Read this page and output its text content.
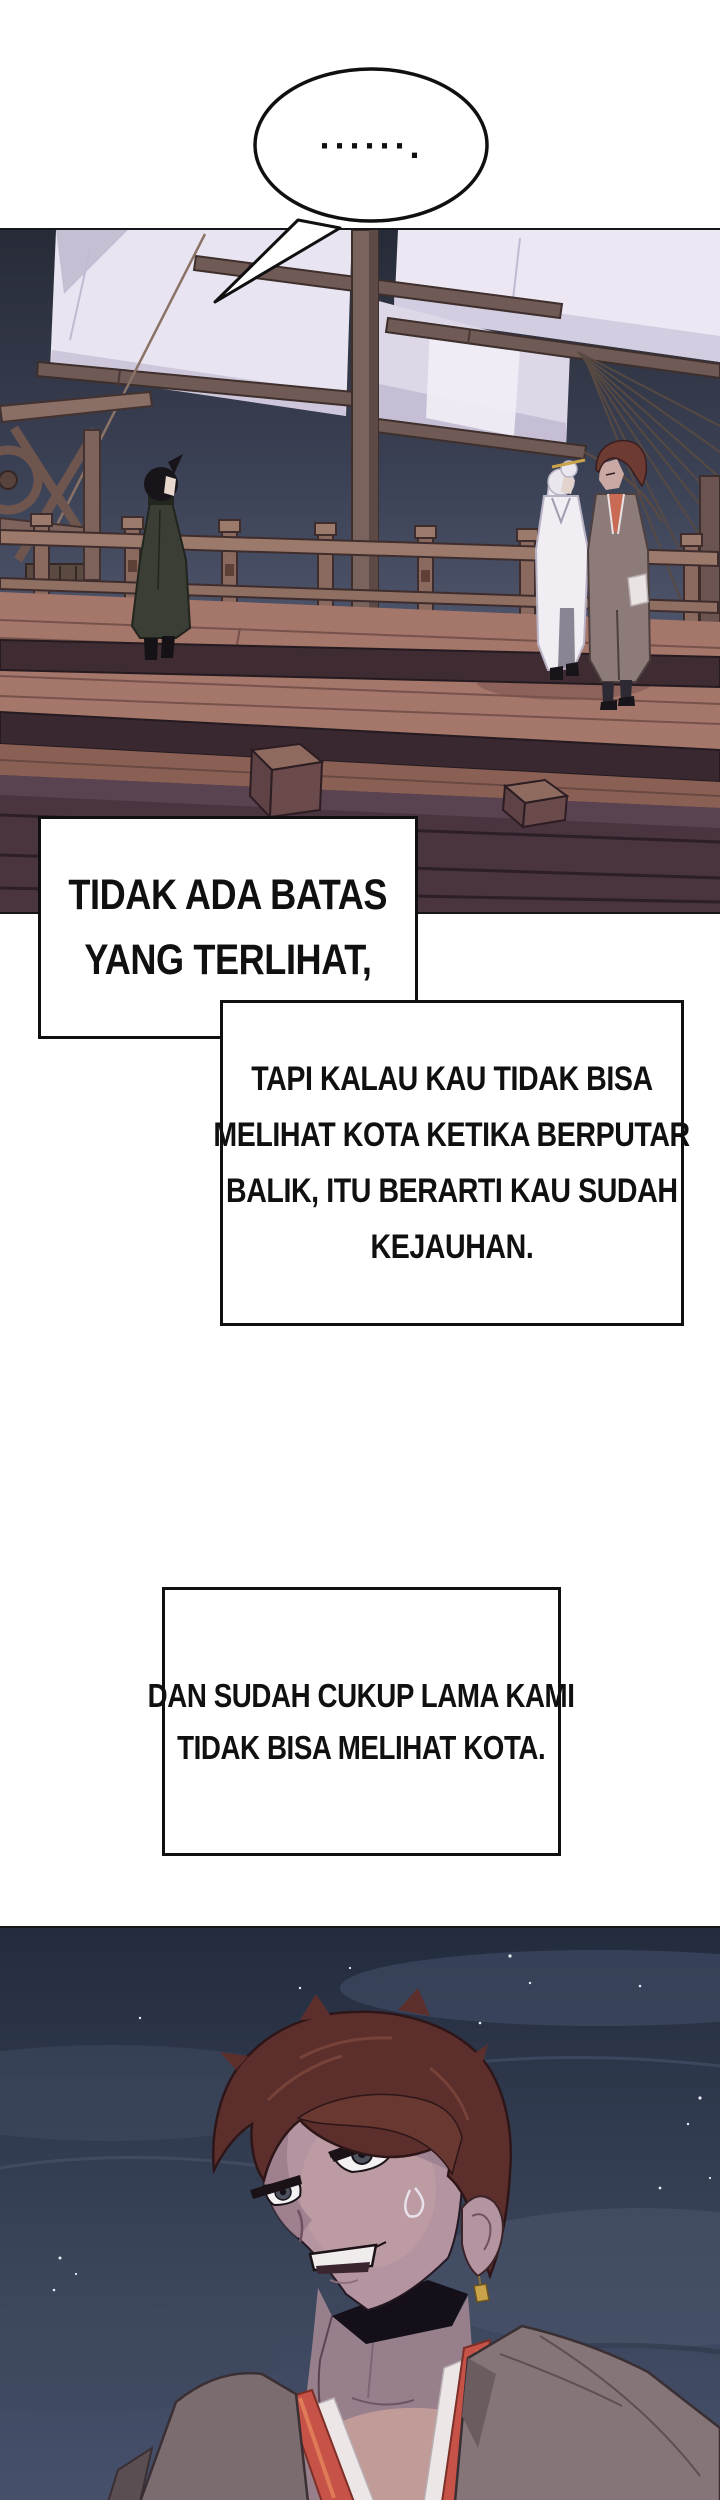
······.
TIDAK ADA BATAS
YANG TERLIHAT,
TAPI KALAU KAU TIDAK BISA
MELIHAT KOTA KETIKA BERPUTAR
BALIK, ITU BERARTI KAU SUDAH
KEJAUHAN.
DAN SUDAH CUKUP LAMA KAMI
TIDAK BISA MELIHAT KOTA.
